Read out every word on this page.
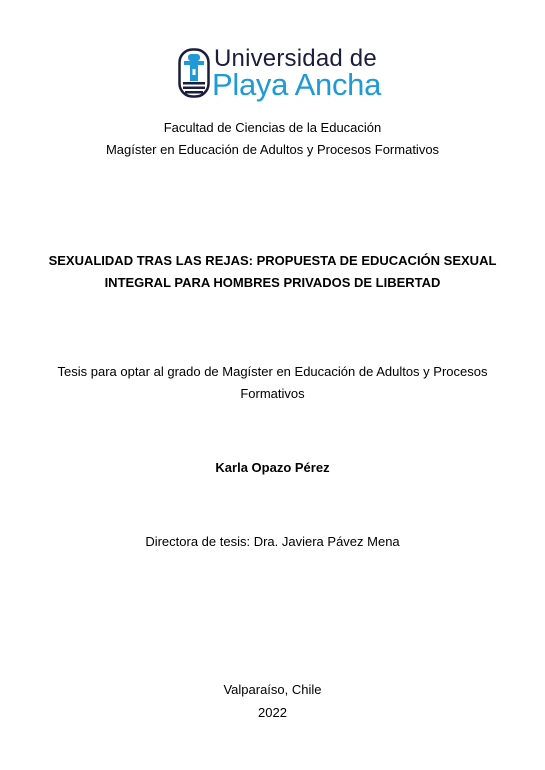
Universidad de
Playa Ancha
Facultad de Ciencias de la Educación
Magíster en Educación de Adultos y Procesos Formativos
SEXUALIDAD TRAS LAS REJAS: PROPUESTA DE EDUCACIÓN SEXUAL
INTEGRAL PARA HOMBRES PRIVADOS DE LIBERTAD
Tesis para optar al grado de Magíster en Educación de Adultos y Procesos
Formativos
Karla Opazo Pérez
Directora de tesis: Dra. Javiera Pávez Mena
Valparaíso, Chile
2022
